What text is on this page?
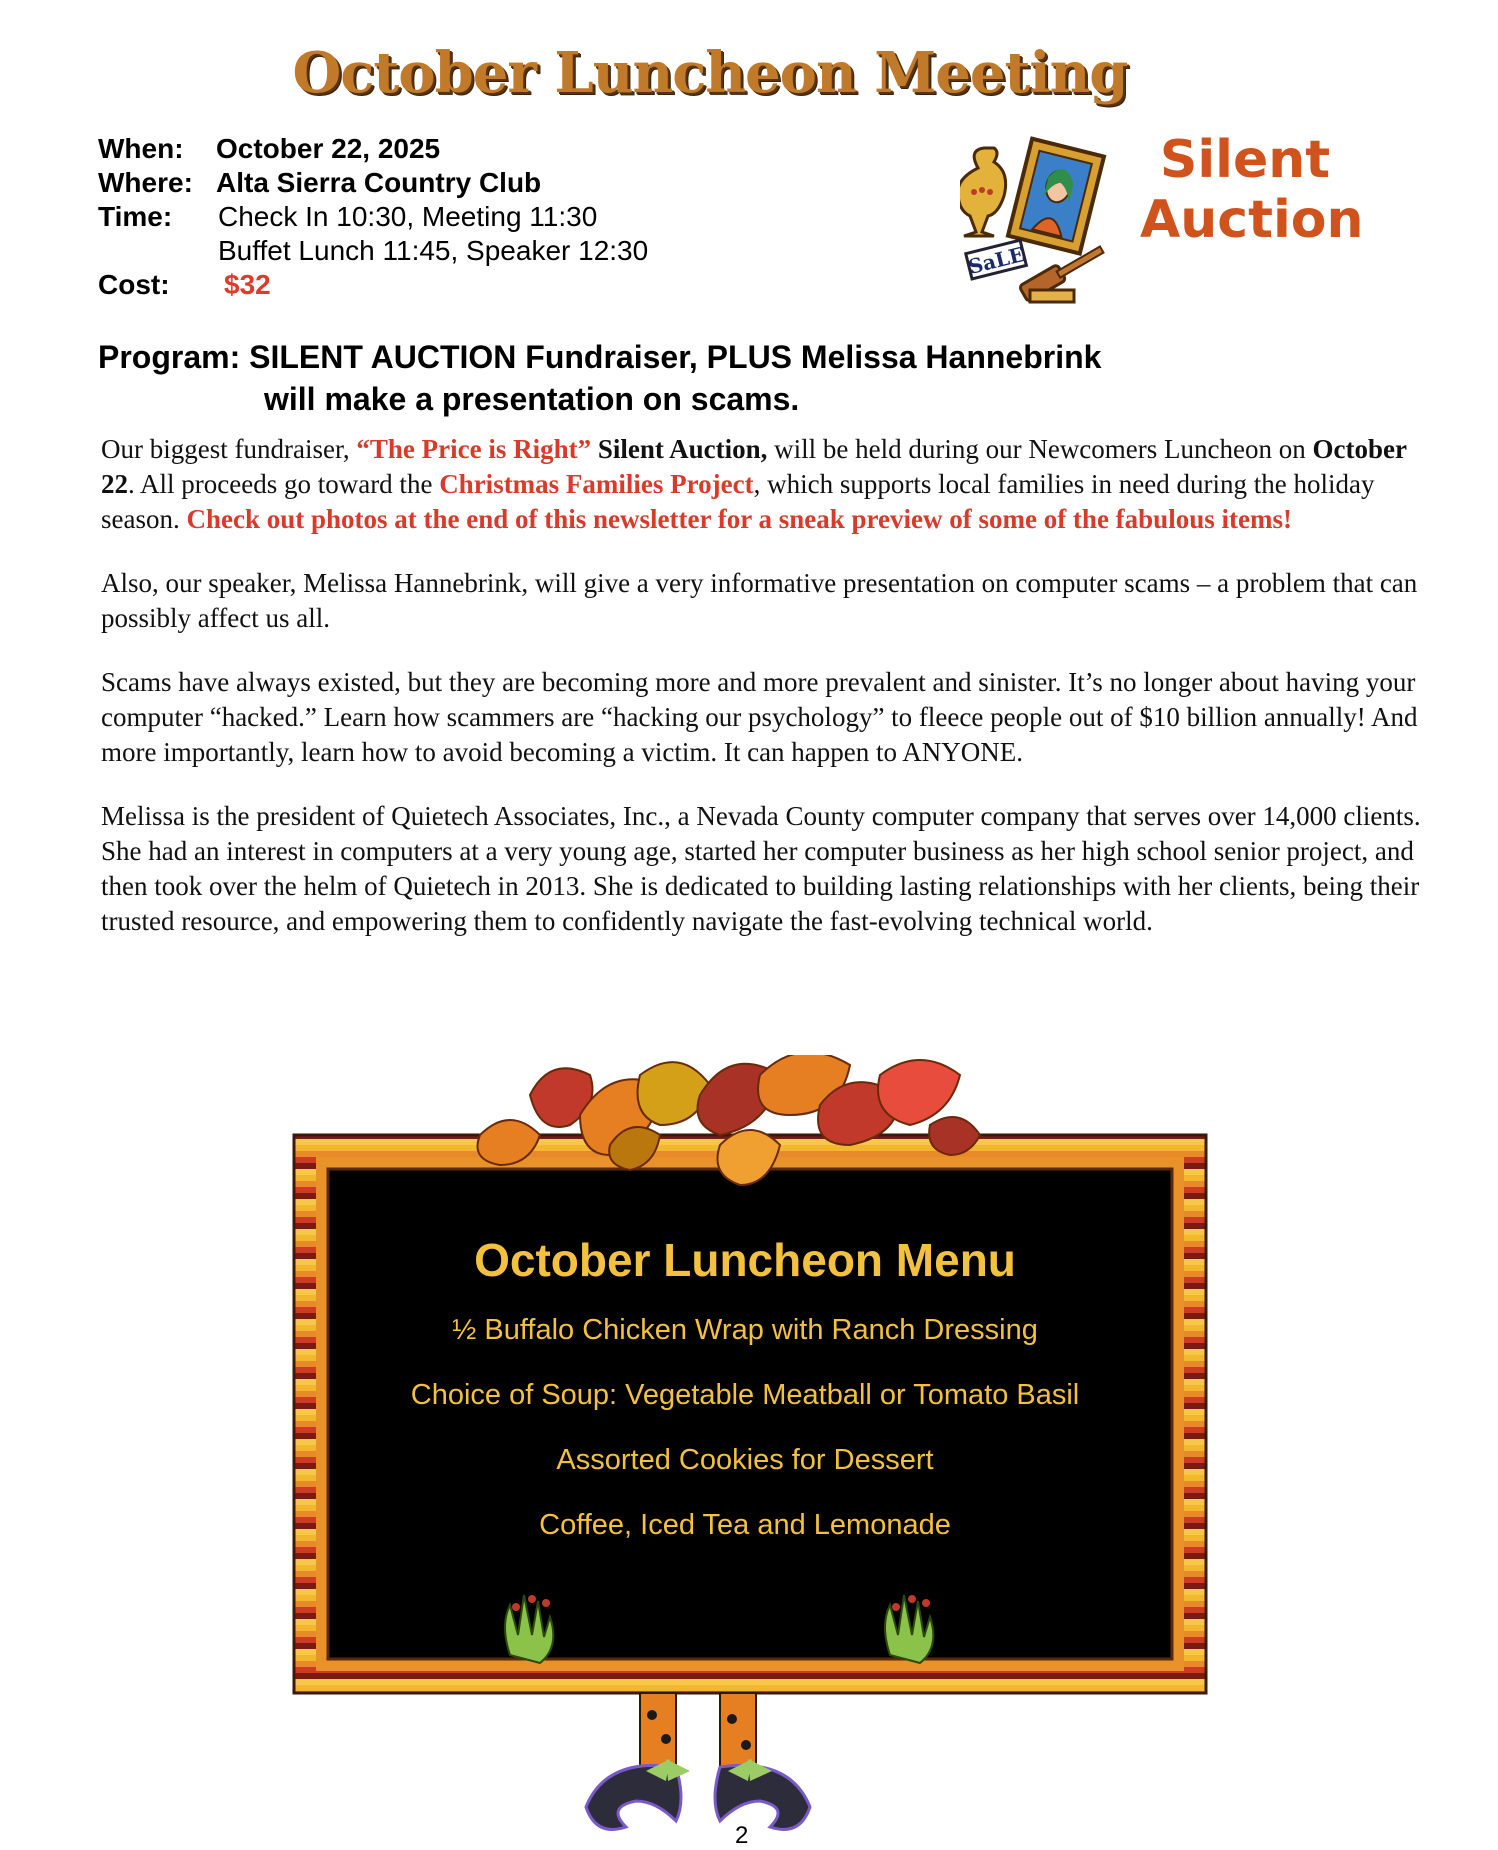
October Luncheon Meeting
When: October 22, 2025
Where: Alta Sierra Country Club
Time: Check In 10:30, Meeting 11:30
Buffet Lunch 11:45, Speaker 12:30
Cost: $32
SaLE
Silent
Auction
Program: SILENT AUCTION Fundraiser, PLUS Melissa Hannebrink
will make a presentation on scams.

Our biggest fundraiser, “The Price is Right” Silent Auction, will be held during our Newcomers Luncheon on October 22. All proceeds go toward the Christmas Families Project, which supports local families in need during the holiday season. Check out photos at the end of this newsletter for a sneak preview of some of the fabulous items!

Also, our speaker, Melissa Hannebrink, will give a very informative presentation on computer scams – a problem that can possibly affect us all.

Scams have always existed, but they are becoming more and more prevalent and sinister. It’s no longer about having your computer “hacked.” Learn how scammers are “hacking our psychology” to fleece people out of $10 billion annually! And more importantly, learn how to avoid becoming a victim. It can happen to ANYONE.

Melissa is the president of Quietech Associates, Inc., a Nevada County computer company that serves over 14,000 clients. She had an interest in computers at a very young age, started her computer business as her high school senior project, and then took over the helm of Quietech in 2013. She is dedicated to building lasting relationships with her clients, being their trusted resource, and empowering them to confidently navigate the fast-evolving technical world.

October Luncheon Menu
½ Buffalo Chicken Wrap with Ranch Dressing
Choice of Soup: Vegetable Meatball or Tomato Basil
Assorted Cookies for Dessert
Coffee, Iced Tea and Lemonade
2
